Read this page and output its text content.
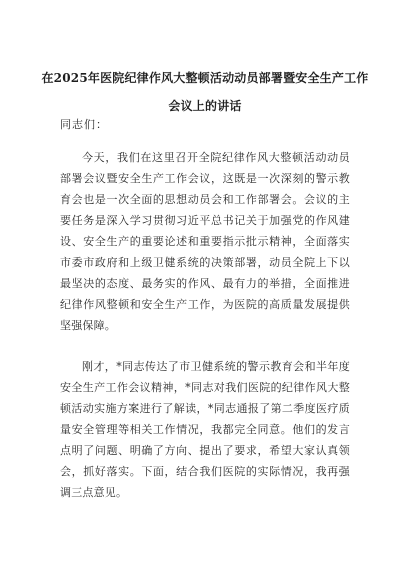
在2025年医院纪律作风大整顿活动动员部署暨安全生产工作会议上的讲话
同志们：

今天，我们在这里召开全院纪律作风大整顿活动动员部署会议暨安全生产工作会议，这既是一次深刻的警示教育会也是一次全面的思想动员会和工作部署会。会议的主要任务是深入学习贯彻习近平总书记关于加强党的作风建设、安全生产的重要论述和重要指示批示精神，全面落实市委市政府和上级卫健系统的决策部署，动员全院上下以最坚决的态度、最务实的作风、最有力的举措，全面推进纪律作风整顿和安全生产工作，为医院的高质量发展提供坚强保障。

刚才，*同志传达了市卫健系统的警示教育会和半年度安全生产工作会议精神，*同志对我们医院的纪律作风大整顿活动实施方案进行了解读，*同志通报了第二季度医疗质量安全管理等相关工作情况，我都完全同意。他们的发言点明了问题、明确了方向、提出了要求，希望大家认真领会，抓好落实。下面，结合我们医院的实际情况，我再强调三点意见。
